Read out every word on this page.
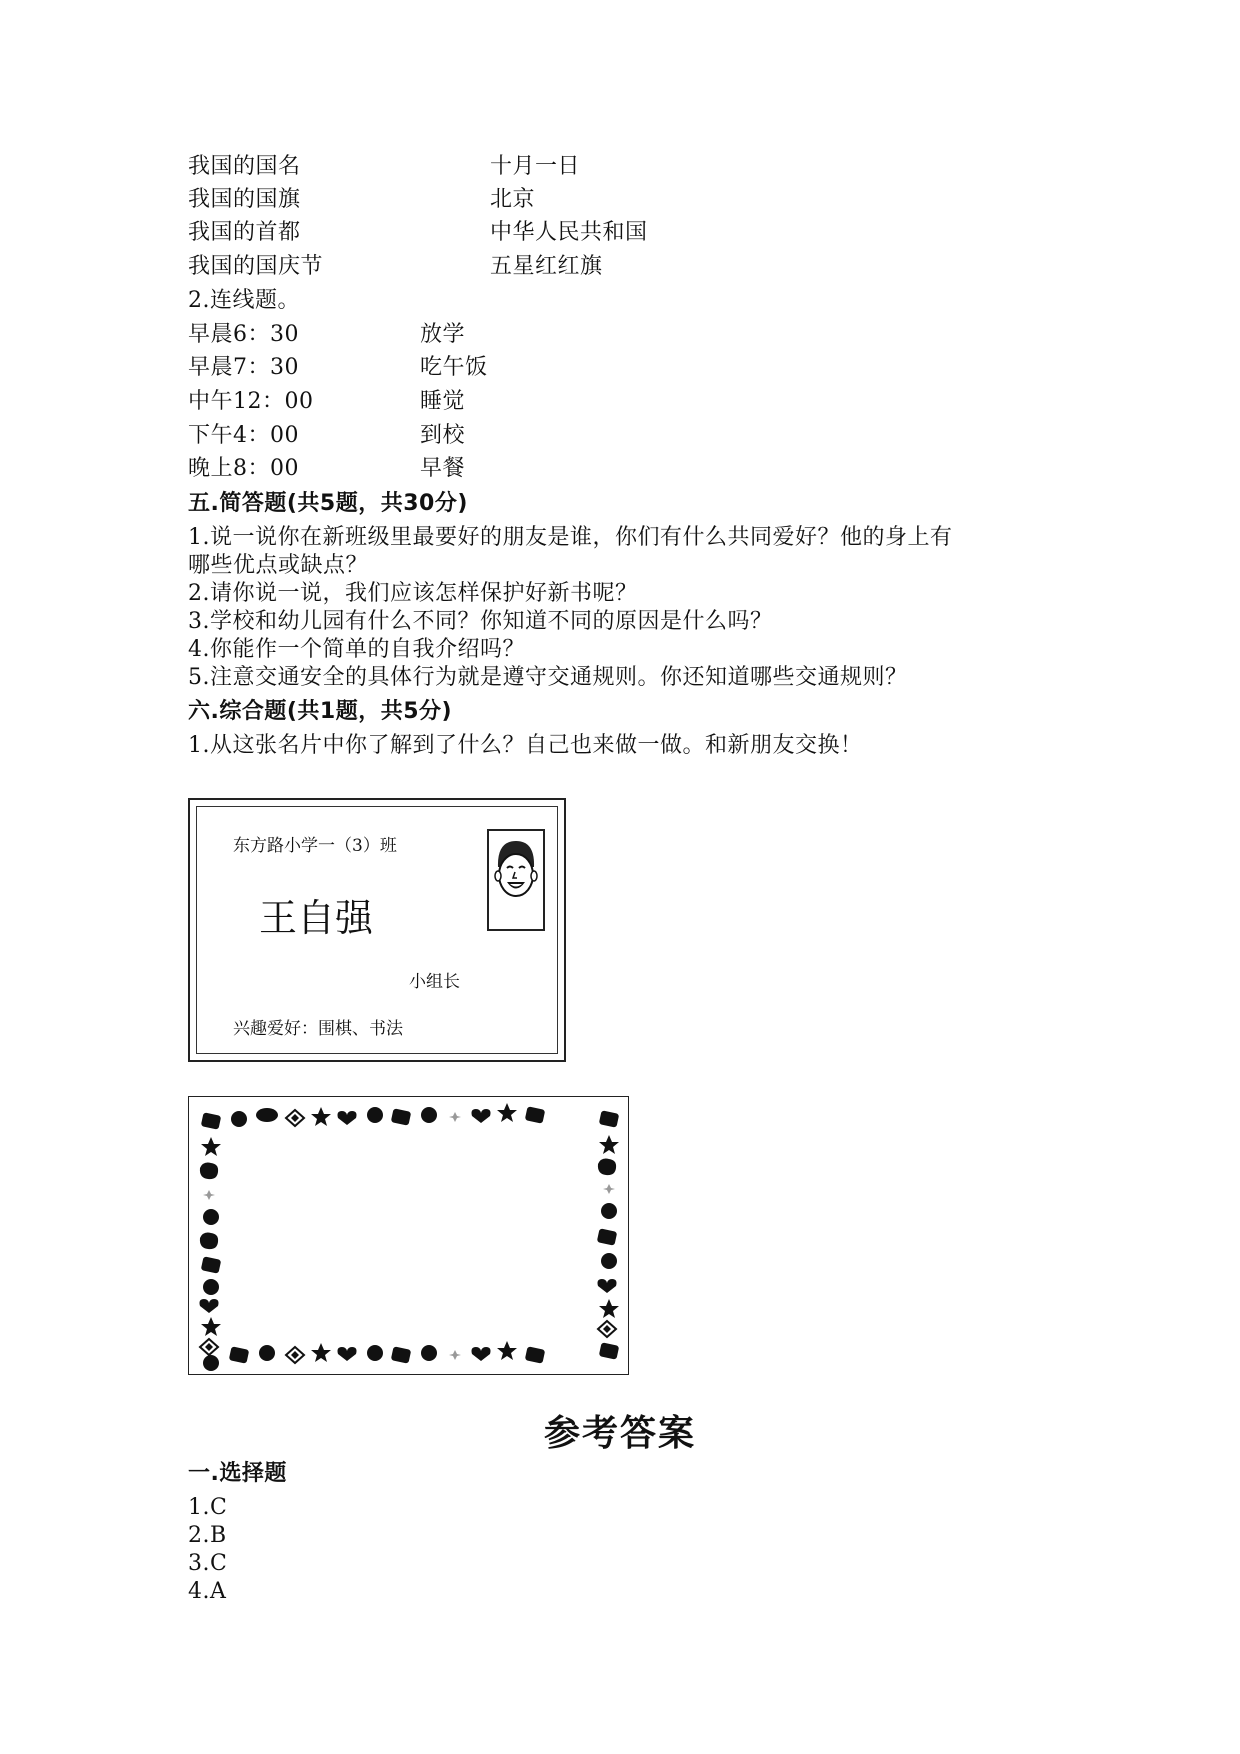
我国的国名	十月一日
我国的国旗	北京
我国的首都	中华人民共和国
我国的国庆节	五星红红旗
2.连线题。
早晨6：30	放学
早晨7：30	吃午饭
中午12：00	睡觉
下午4：00	到校
晚上8：00	早餐
五.简答题(共5题，共30分)
1.说一说你在新班级里最要好的朋友是谁，你们有什么共同爱好？他的身上有
哪些优点或缺点？
2.请你说一说，我们应该怎样保护好新书呢？
3.学校和幼儿园有什么不同？你知道不同的原因是什么吗？
4.你能作一个简单的自我介绍吗？
5.注意交通安全的具体行为就是遵守交通规则。你还知道哪些交通规则？
六.综合题(共1题，共5分)
1.从这张名片中你了解到了什么？自己也来做一做。和新朋友交换！
东方路小学一（3）班
王自强
小组长
兴趣爱好：围棋、书法
参考答案
一.选择题
1.C
2.B
3.C
4.A
